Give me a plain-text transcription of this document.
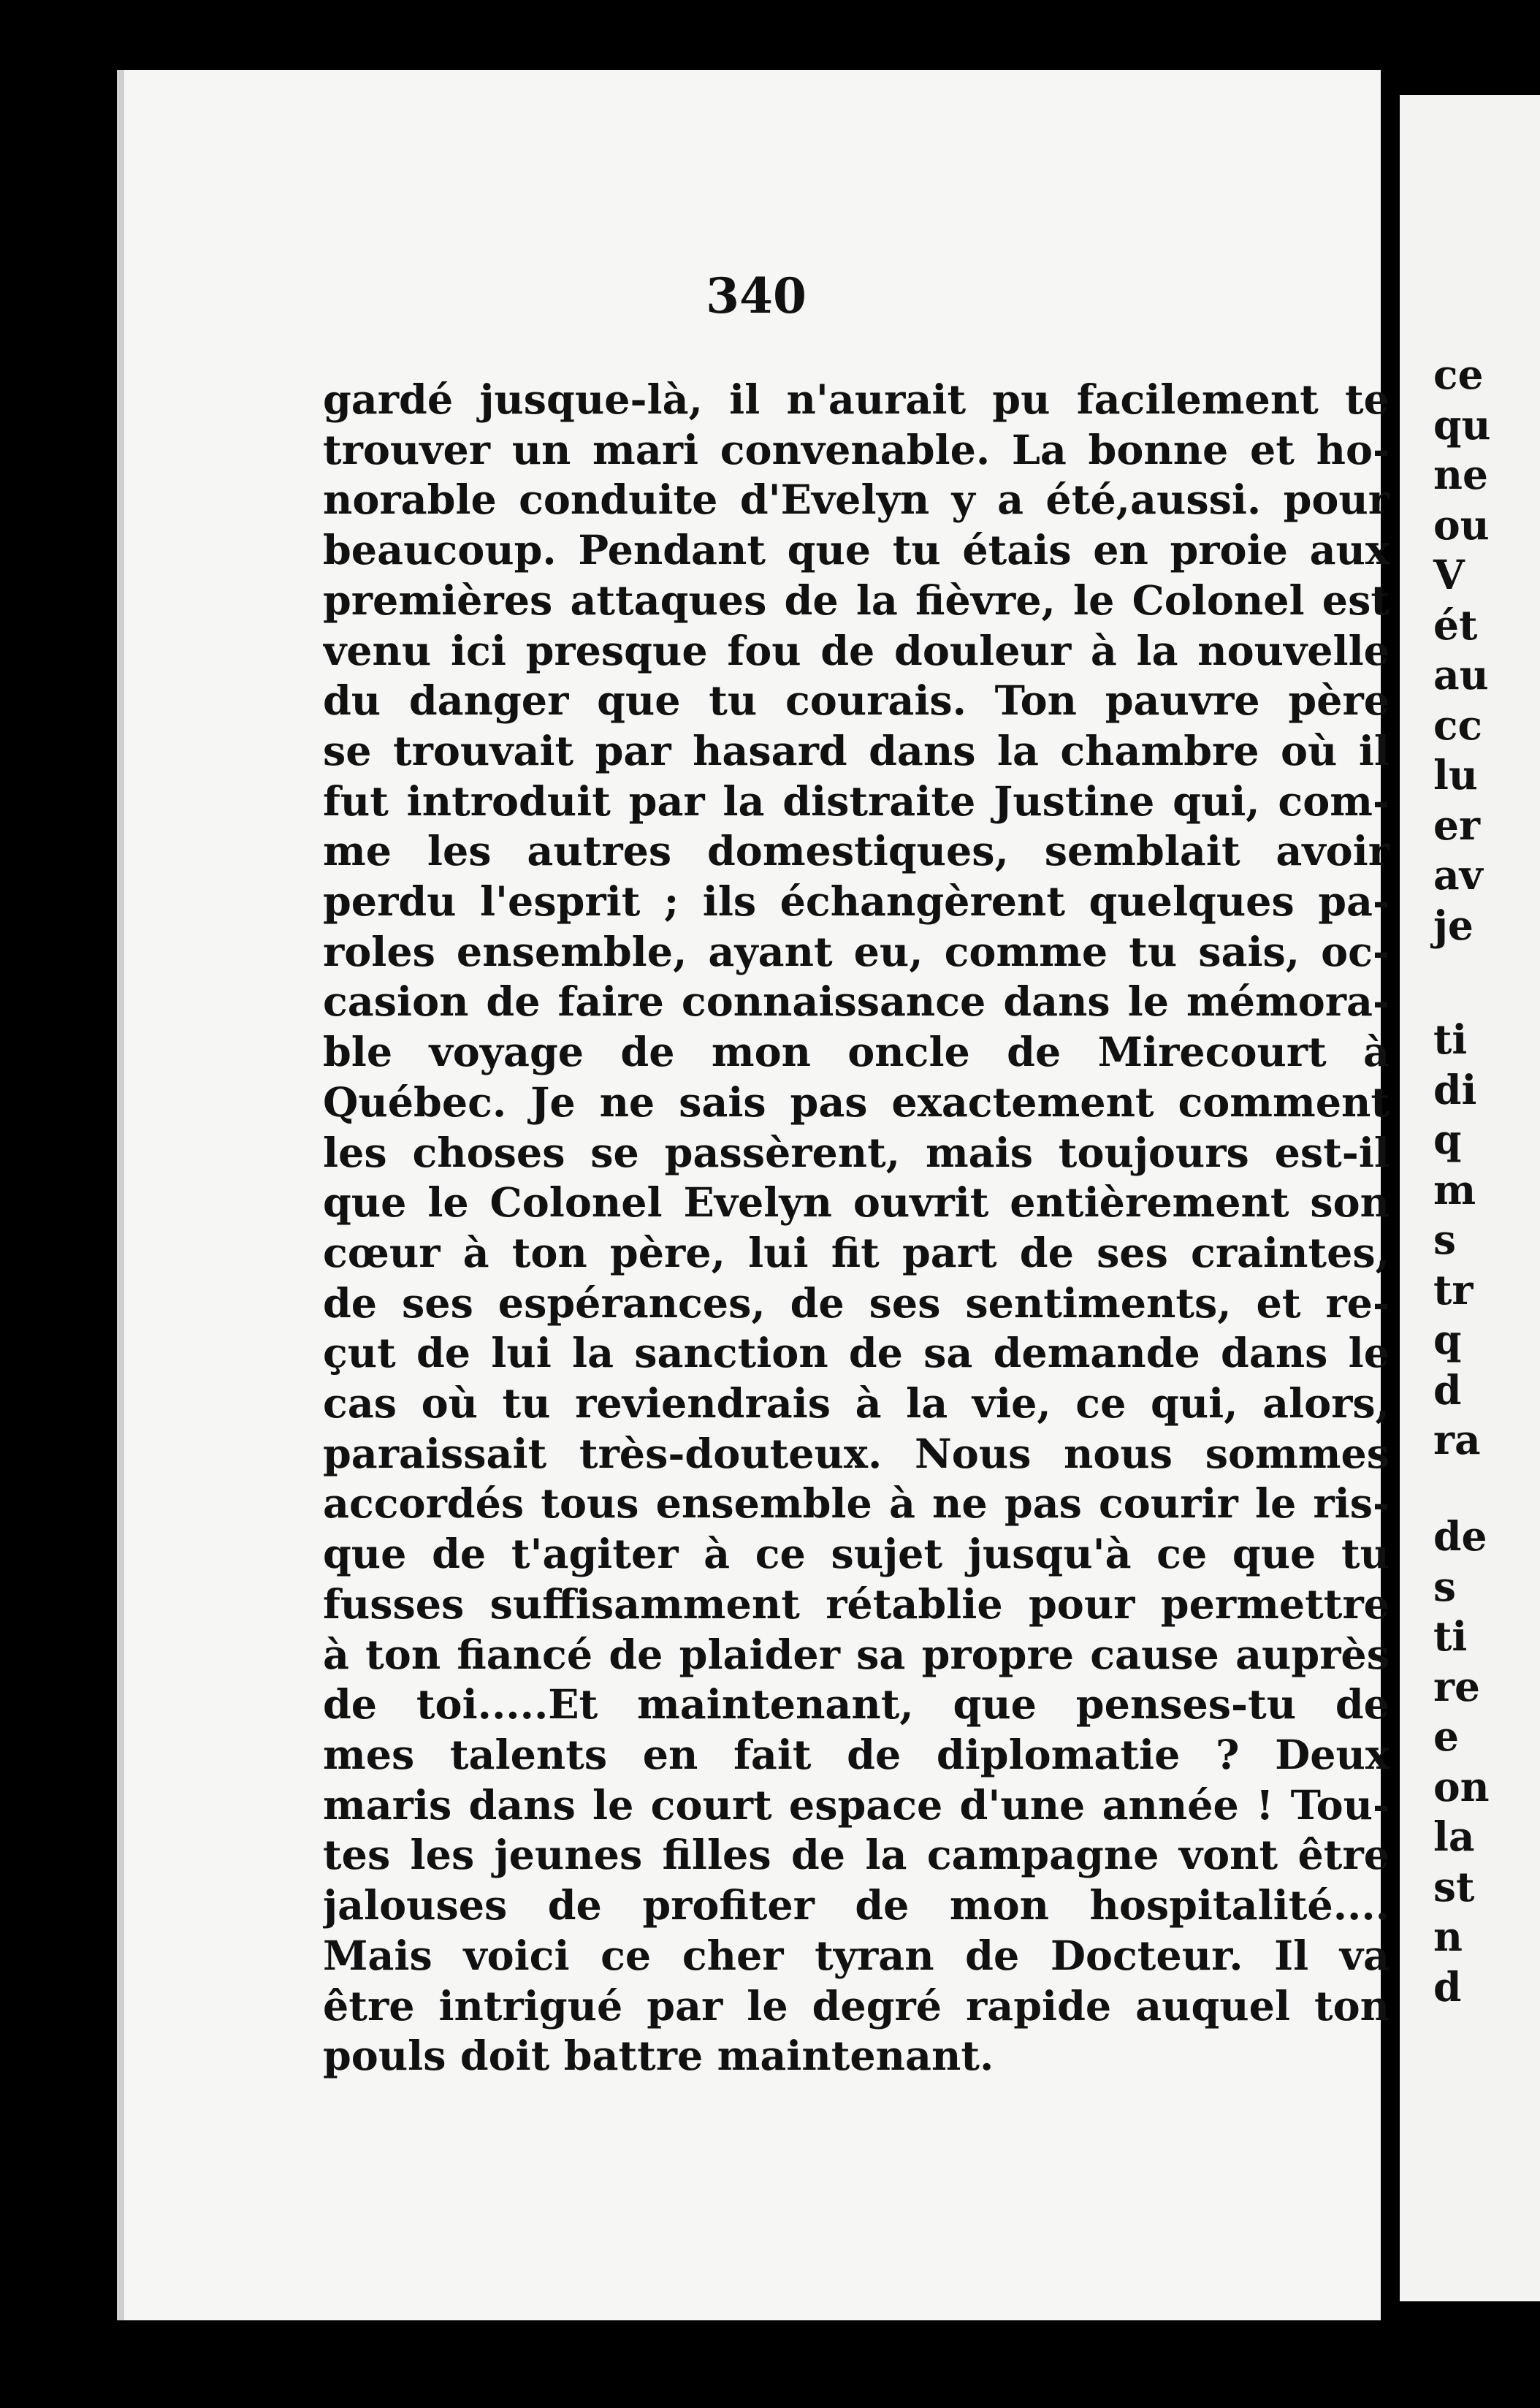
340
gardé jusque-là, il n'aurait pu facilement te
trouver un mari convenable. La bonne et ho-
norable conduite d'Evelyn y a été,aussi. pour
beaucoup. Pendant que tu étais en proie aux
premières attaques de la fièvre, le Colonel est
venu ici presque fou de douleur à la nouvelle
du danger que tu courais. Ton pauvre père
se trouvait par hasard dans la chambre où il
fut introduit par la distraite Justine qui, com-
me les autres domestiques, semblait avoir
perdu l'esprit ; ils échangèrent quelques pa-
roles ensemble, ayant eu, comme tu sais, oc-
casion de faire connaissance dans le mémora-
ble voyage de mon oncle de Mirecourt à
Québec. Je ne sais pas exactement comment
les choses se passèrent, mais toujours est-il
que le Colonel Evelyn ouvrit entièrement son
cœur à ton père, lui fit part de ses craintes,
de ses espérances, de ses sentiments, et re-
çut de lui la sanction de sa demande dans le
cas où tu reviendrais à la vie, ce qui, alors,
paraissait très-douteux. Nous nous sommes
accordés tous ensemble à ne pas courir le ris-
que de t'agiter à ce sujet jusqu'à ce que tu
fusses suffisamment rétablie pour permettre
à ton fiancé de plaider sa propre cause auprès
de toi.....Et maintenant, que penses-tu de
mes talents en fait de diplomatie ? Deux
maris dans le court espace d'une année ! Tou-
tes les jeunes filles de la campagne vont être
jalouses de profiter de mon hospitalité....
Mais voici ce cher tyran de Docteur. Il va
être intrigué par le degré rapide auquel ton
pouls doit battre maintenant.
ce
qu
ne
ou
V
ét
au
cc
lu
er
av
je
ti
di
q
m
s
tr
q
d
ra
de
s
ti
re
e
on
la
st
n
d
